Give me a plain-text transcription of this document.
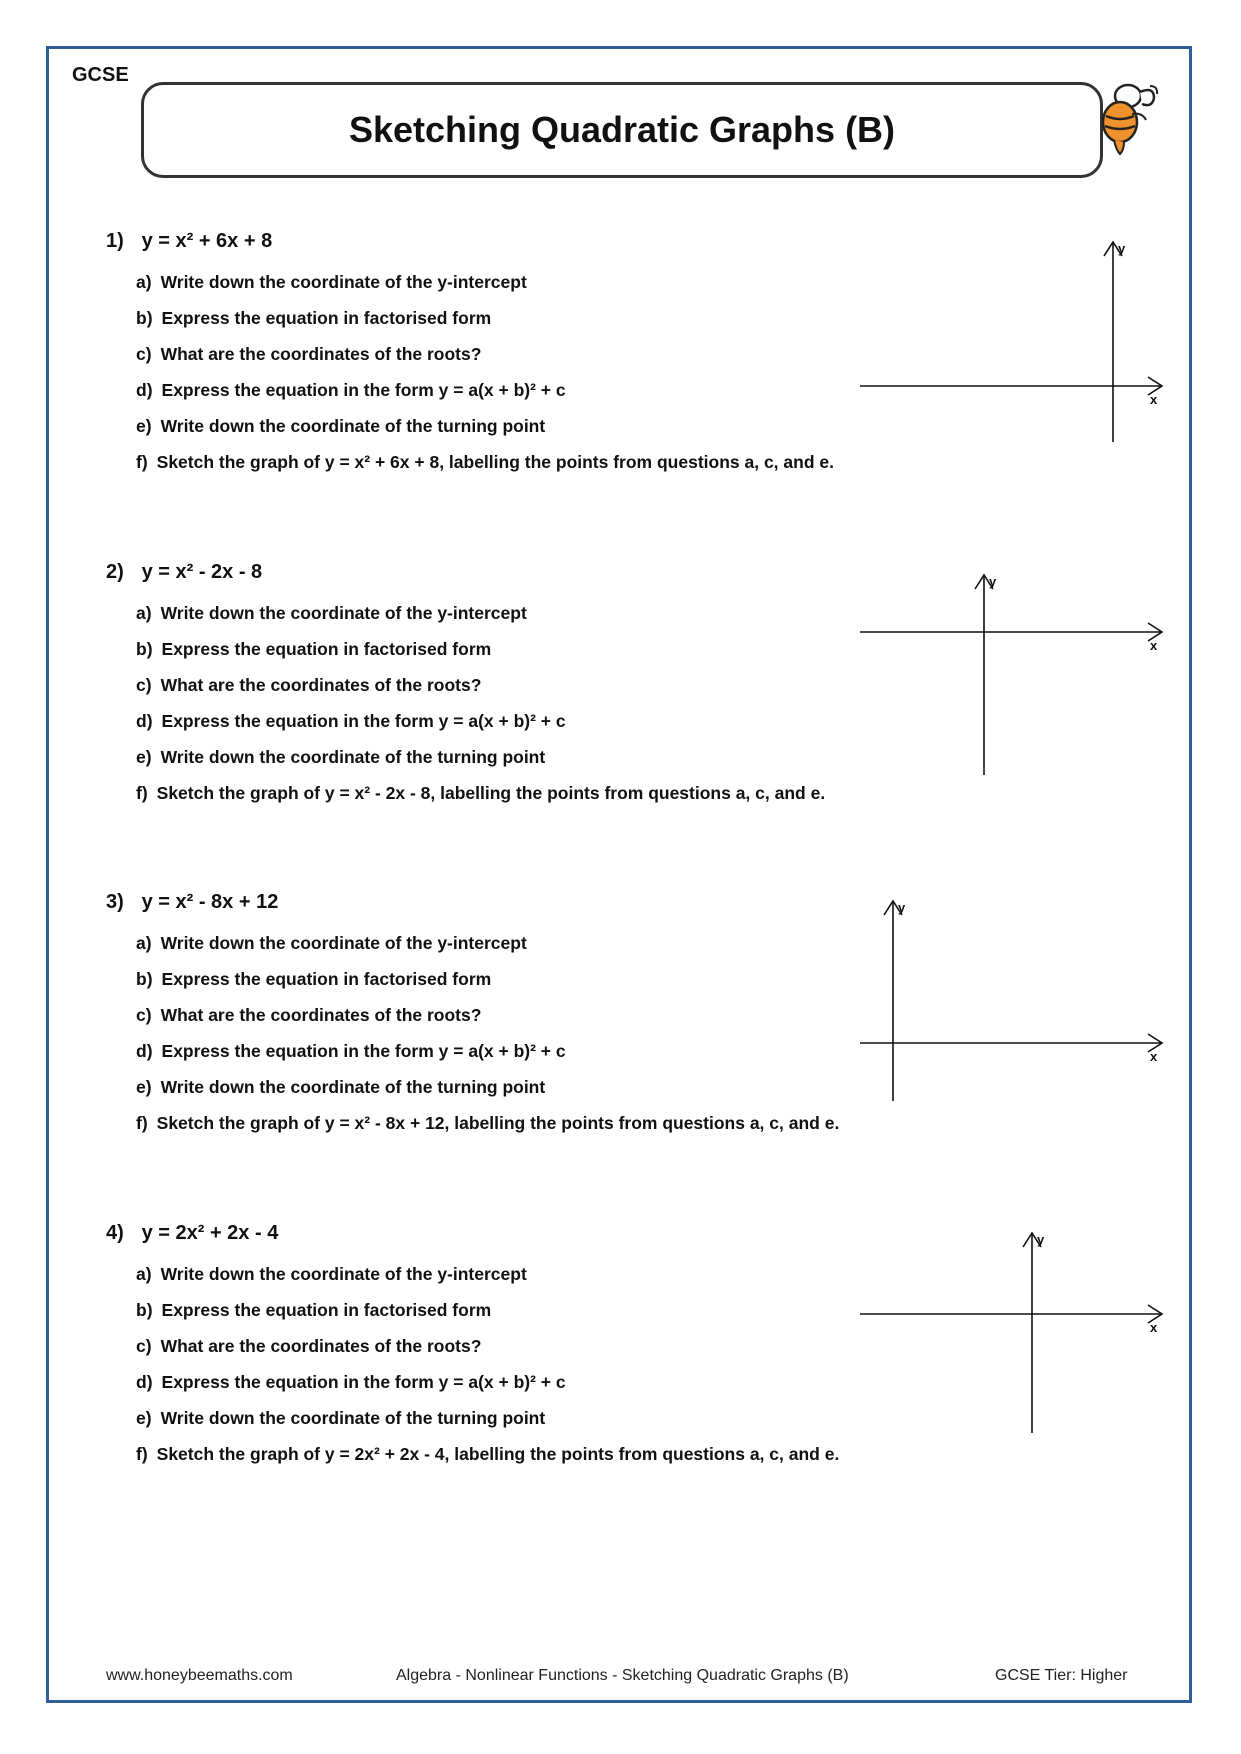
GCSE
Sketching Quadratic Graphs (B)
1) y = x² + 6x + 8
a) Write down the coordinate of the y-intercept
b) Express the equation in factorised form
c) What are the coordinates of the roots?
d) Express the equation in the form y = a(x + b)² + c
e) Write down the coordinate of the turning point
f) Sketch the graph of y = x² + 6x + 8, labelling the points from questions a, c, and e.
x
y
2) y = x² - 2x - 8
a) Write down the coordinate of the y-intercept
b) Express the equation in factorised form
c) What are the coordinates of the roots?
d) Express the equation in the form y = a(x + b)² + c
e) Write down the coordinate of the turning point
f) Sketch the graph of y = x² - 2x - 8, labelling the points from questions a, c, and e.
x
y
3) y = x² - 8x + 12
a) Write down the coordinate of the y-intercept
b) Express the equation in factorised form
c) What are the coordinates of the roots?
d) Express the equation in the form y = a(x + b)² + c
e) Write down the coordinate of the turning point
f) Sketch the graph of y = x² - 8x + 12, labelling the points from questions a, c, and e.
x
y
4) y = 2x² + 2x - 4
a) Write down the coordinate of the y-intercept
b) Express the equation in factorised form
c) What are the coordinates of the roots?
d) Express the equation in the form y = a(x + b)² + c
e) Write down the coordinate of the turning point
f) Sketch the graph of y = 2x² + 2x - 4, labelling the points from questions a, c, and e.
x
y
www.honeybeemaths.com	Algebra - Nonlinear Functions - Sketching Quadratic Graphs (B)	GCSE Tier: Higher
